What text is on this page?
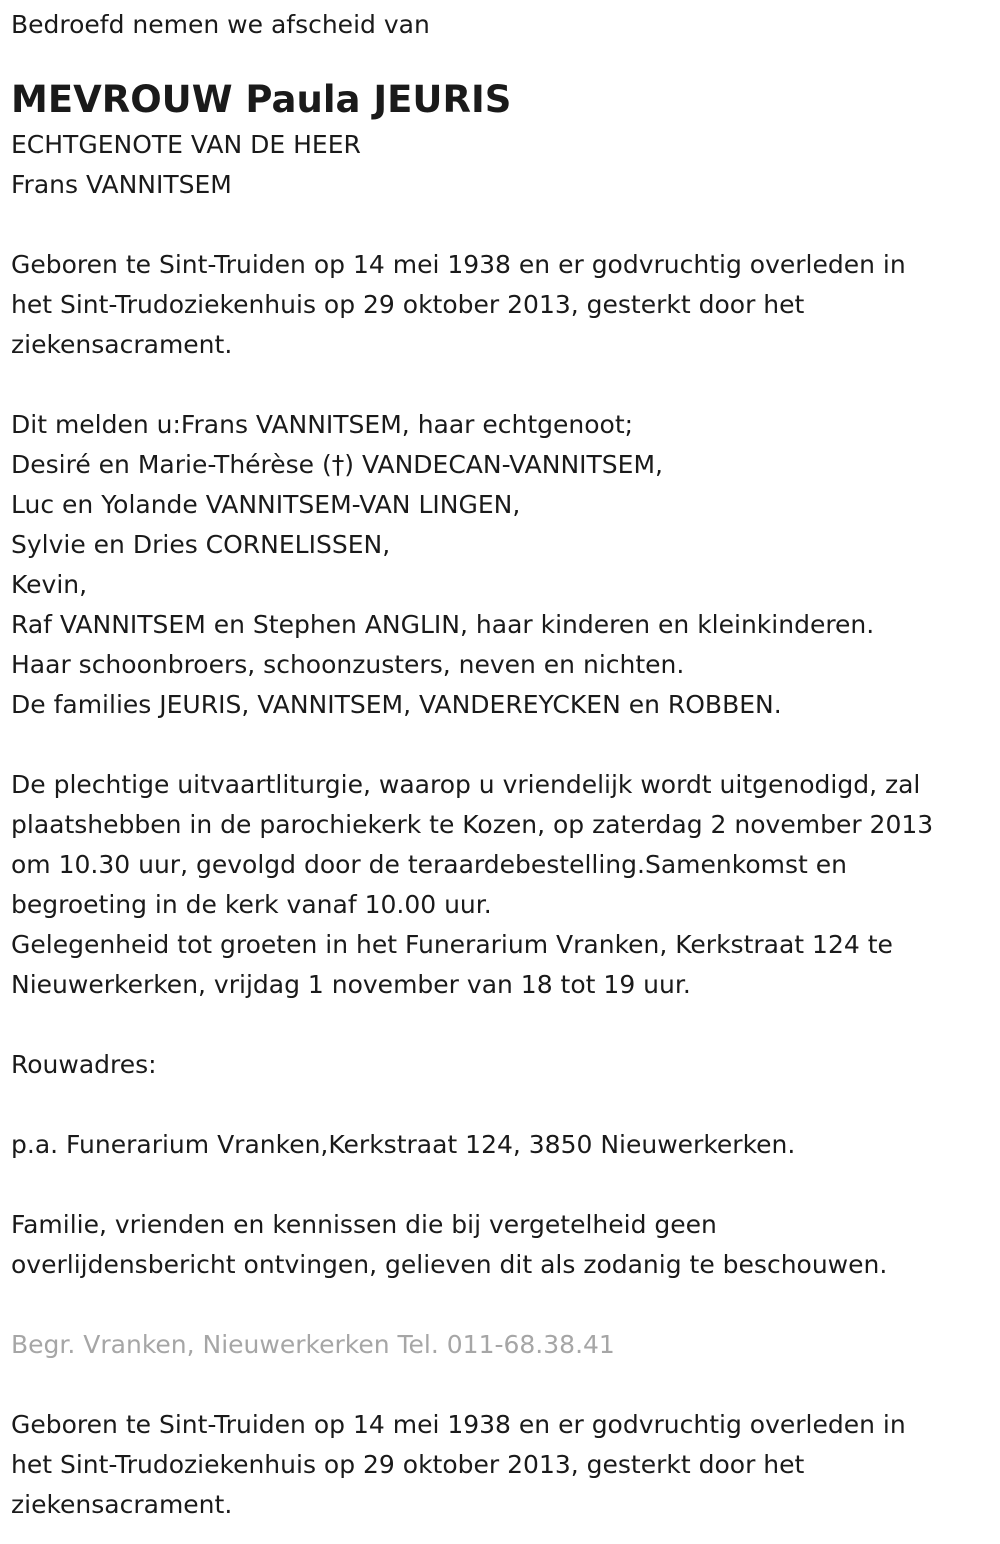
Bedroefd nemen we afscheid van

MEVROUW Paula JEURIS

ECHTGENOTE VAN DE HEER

Frans VANNITSEM

Geboren te Sint-Truiden op 14 mei 1938 en er godvruchtig overleden in

het Sint-Trudoziekenhuis op 29 oktober 2013, gesterkt door het

ziekensacrament.

Dit melden u:Frans VANNITSEM, haar echtgenoot;

Desiré en Marie-Thérèse (†) VANDECAN-VANNITSEM,

Luc en Yolande VANNITSEM-VAN LINGEN,

Sylvie en Dries CORNELISSEN,

Kevin,

Raf VANNITSEM en Stephen ANGLIN, haar kinderen en kleinkinderen.

Haar schoonbroers, schoonzusters, neven en nichten.

De families JEURIS, VANNITSEM, VANDEREYCKEN en ROBBEN.

De plechtige uitvaartliturgie, waarop u vriendelijk wordt uitgenodigd, zal

plaatshebben in de parochiekerk te Kozen, op zaterdag 2 november 2013

om 10.30 uur, gevolgd door de teraardebestelling.Samenkomst en

begroeting in de kerk vanaf 10.00 uur.

Gelegenheid tot groeten in het Funerarium Vranken, Kerkstraat 124 te

Nieuwerkerken, vrijdag 1 november van 18 tot 19 uur.

Rouwadres:

p.a. Funerarium Vranken,Kerkstraat 124, 3850 Nieuwerkerken.

Familie, vrienden en kennissen die bij vergetelheid geen

overlijdensbericht ontvingen, gelieven dit als zodanig te beschouwen.

Begr. Vranken, Nieuwerkerken Tel. 011-68.38.41

Geboren te Sint-Truiden op 14 mei 1938 en er godvruchtig overleden in

het Sint-Trudoziekenhuis op 29 oktober 2013, gesterkt door het

ziekensacrament.
